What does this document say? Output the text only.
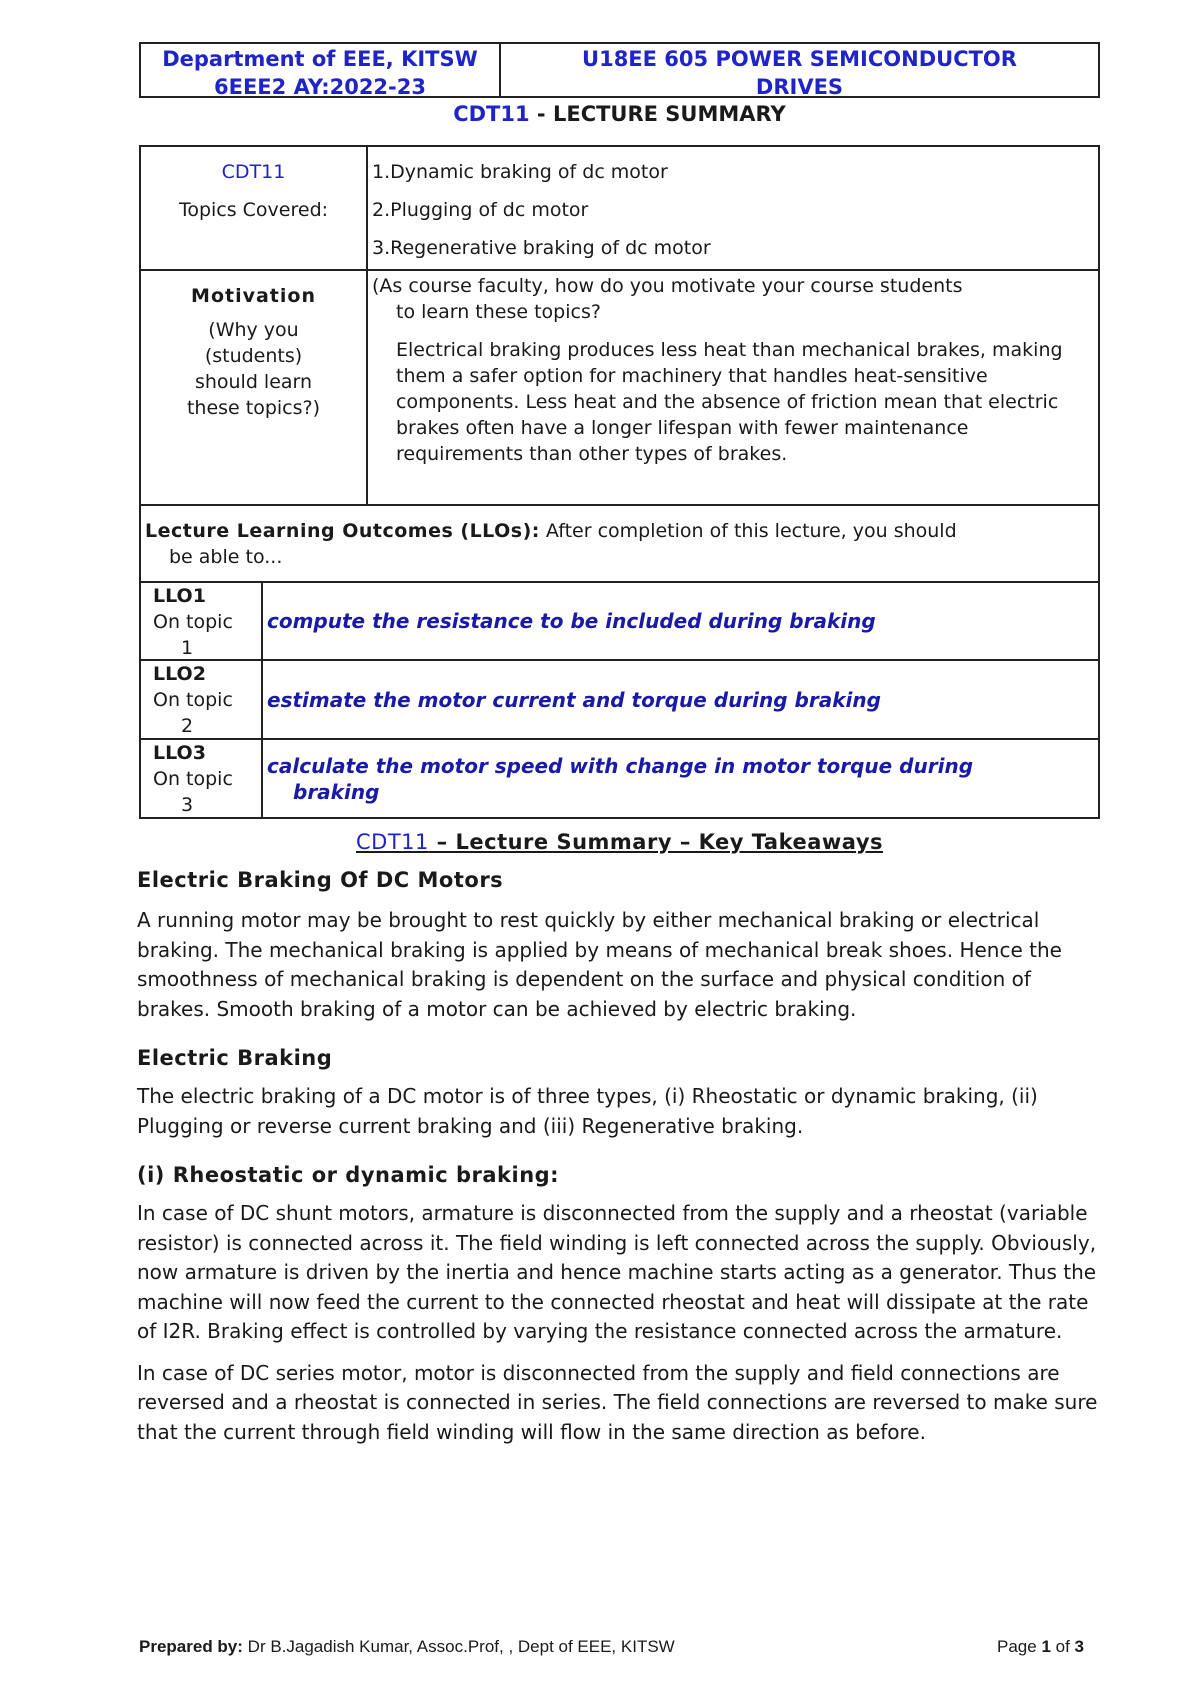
Department of EEE, KITSW
6EEE2 AY:2022-23
U18EE 605 POWER SEMICONDUCTOR
DRIVES
CDT11 - LECTURE SUMMARY
CDT11
Topics Covered:
1.Dynamic braking of dc motor
2.Plugging of dc motor
3.Regenerative braking of dc motor
Motivation
(Why you
(students)
should learn
these topics?)
(As course faculty, how do you motivate your course students
to learn these topics?
Electrical braking produces less heat than mechanical brakes, making them a safer option for machinery that handles heat-sensitive components. Less heat and the absence of friction mean that electric brakes often have a longer lifespan with fewer maintenance requirements than other types of brakes.
Lecture Learning Outcomes (LLOs): After completion of this lecture, you should
be able to...
LLO1
On topic
1
compute the resistance to be included during braking
LLO2
On topic
2
estimate the motor current and torque during braking
LLO3
On topic
3
calculate the motor speed with change in motor torque during
braking
CDT11 – Lecture Summary – Key Takeaways
Electric Braking Of DC Motors
A running motor may be brought to rest quickly by either mechanical braking or electrical braking. The mechanical braking is applied by means of mechanical break shoes. Hence the smoothness of mechanical braking is dependent on the surface and physical condition of brakes. Smooth braking of a motor can be achieved by electric braking.
Electric Braking
The electric braking of a DC motor is of three types, (i) Rheostatic or dynamic braking, (ii) Plugging or reverse current braking and (iii) Regenerative braking.
(i) Rheostatic or dynamic braking:
In case of DC shunt motors, armature is disconnected from the supply and a rheostat (variable resistor) is connected across it. The field winding is left connected across the supply. Obviously, now armature is driven by the inertia and hence machine starts acting as a generator. Thus the machine will now feed the current to the connected rheostat and heat will dissipate at the rate of I2R. Braking effect is controlled by varying the resistance connected across the armature.
In case of DC series motor, motor is disconnected from the supply and field connections are reversed and a rheostat is connected in series. The field connections are reversed to make sure that the current through field winding will flow in the same direction as before.
Prepared by: Dr B.Jagadish Kumar, Assoc.Prof, , Dept of EEE, KITSW	Page 1 of 3
